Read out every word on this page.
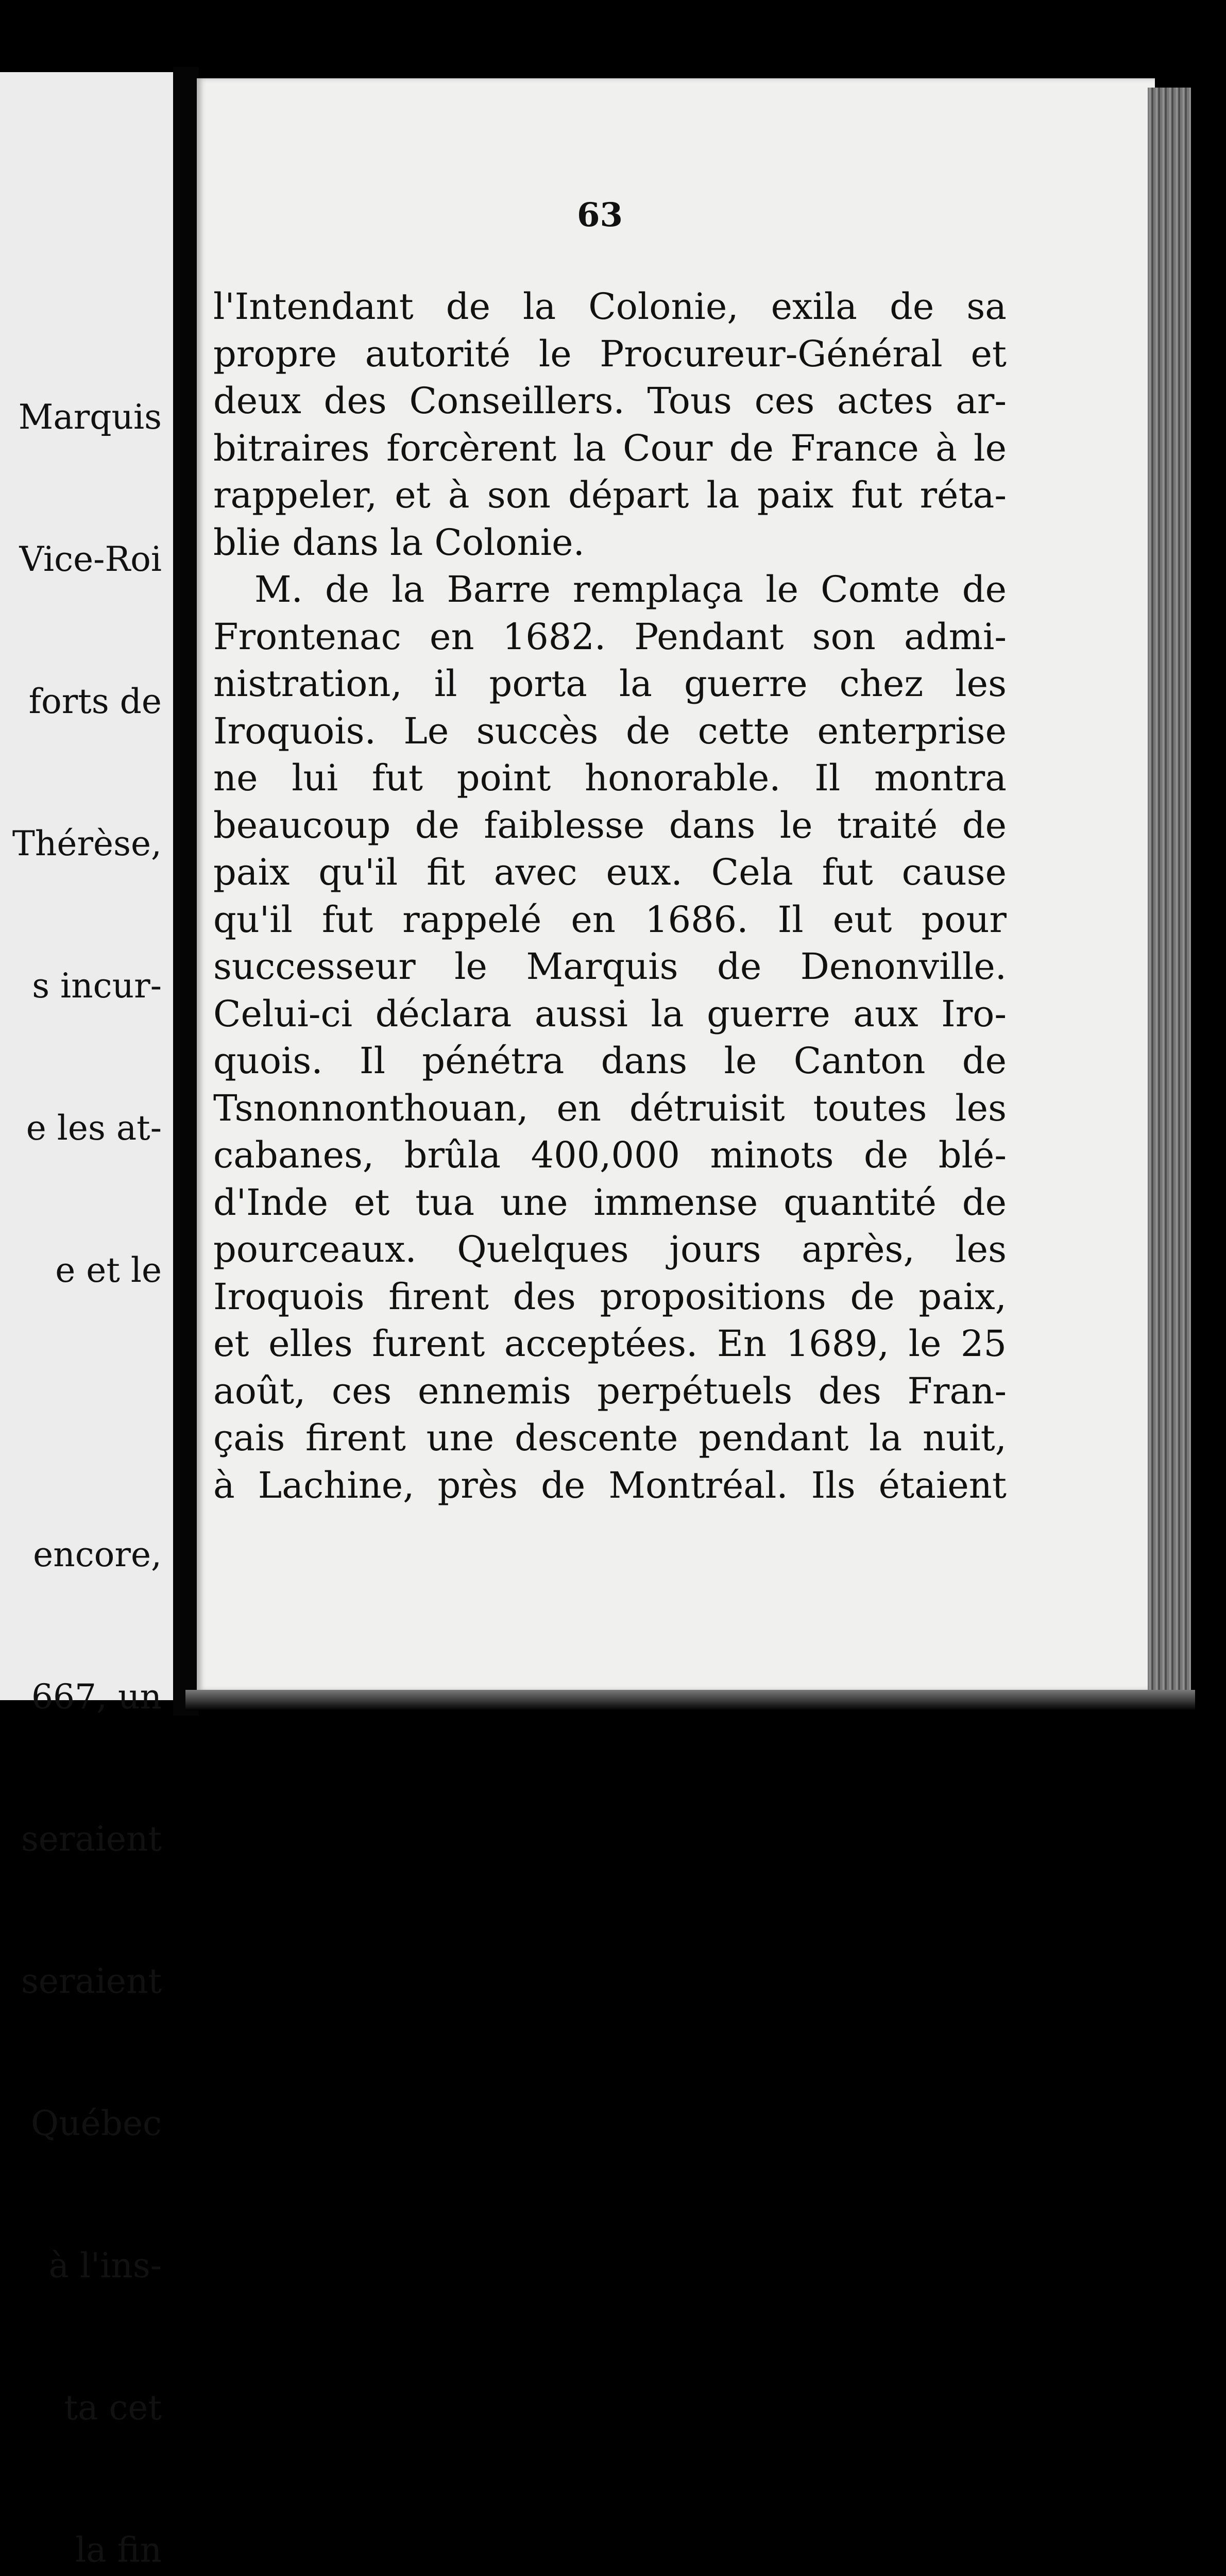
Marquis

Vice-Roi

forts de

Thérèse,

s incur-

e les at-

e et le

encore,

667, un

seraient

seraient

Québec

à l'ins-

ta cet

la fin

63
l'Intendant de la Colonie, exila de sa
propre autorité le Procureur-Général et
deux des Conseillers. Tous ces actes ar-
bitraires forcèrent la Cour de France à le
rappeler, et à son départ la paix fut réta-
blie dans la Colonie.
M. de la Barre remplaça le Comte de
Frontenac en 1682. Pendant son admi-
nistration, il porta la guerre chez les
Iroquois. Le succès de cette enterprise
ne lui fut point honorable. Il montra
beaucoup de faiblesse dans le traité de
paix qu'il fit avec eux. Cela fut cause
qu'il fut rappelé en 1686. Il eut pour
successeur le Marquis de Denonville.
Celui-ci déclara aussi la guerre aux Iro-
quois. Il pénétra dans le Canton de
Tsnonnonthouan, en détruisit toutes les
cabanes, brûla 400,000 minots de blé-
d'Inde et tua une immense quantité de
pourceaux. Quelques jours après, les
Iroquois firent des propositions de paix,
et elles furent acceptées. En 1689, le 25
août, ces ennemis perpétuels des Fran-
çais firent une descente pendant la nuit,
à Lachine, près de Montréal. Ils étaient
